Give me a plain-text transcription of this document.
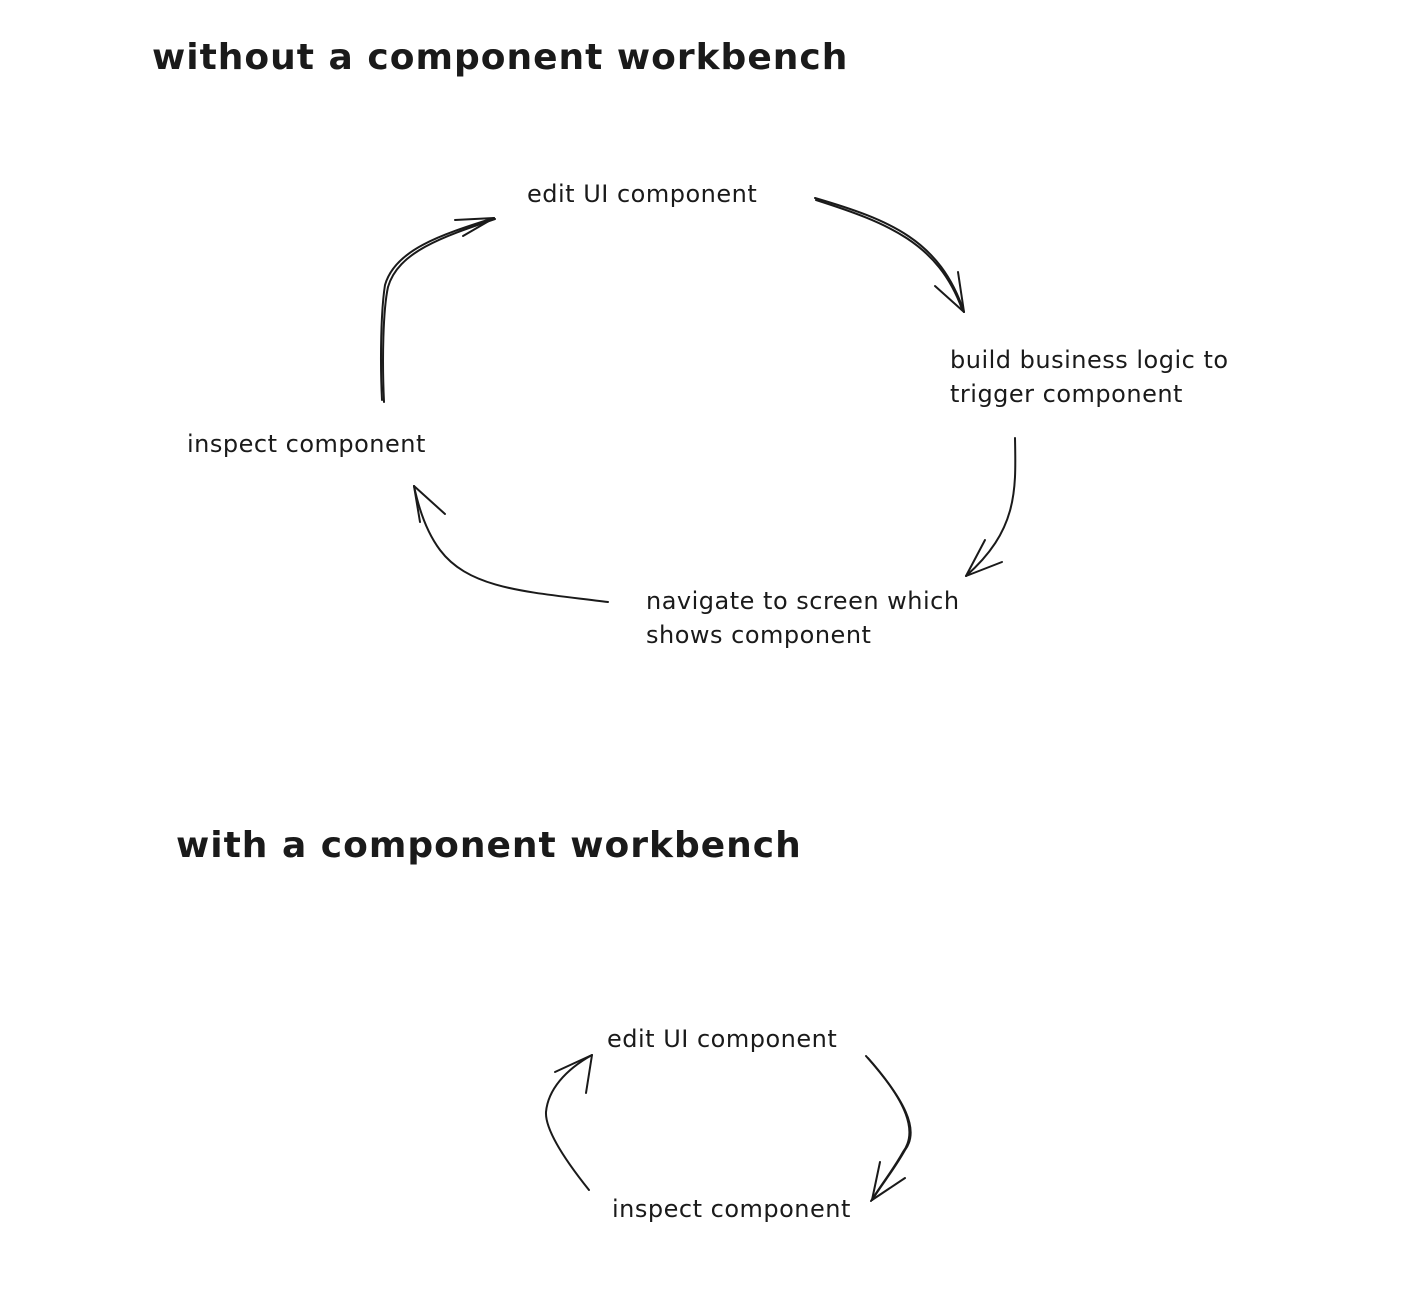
without a component workbench
edit UI component
build business logic to
trigger component
navigate to screen which
shows component
inspect component
with a component workbench
edit UI component
inspect component
